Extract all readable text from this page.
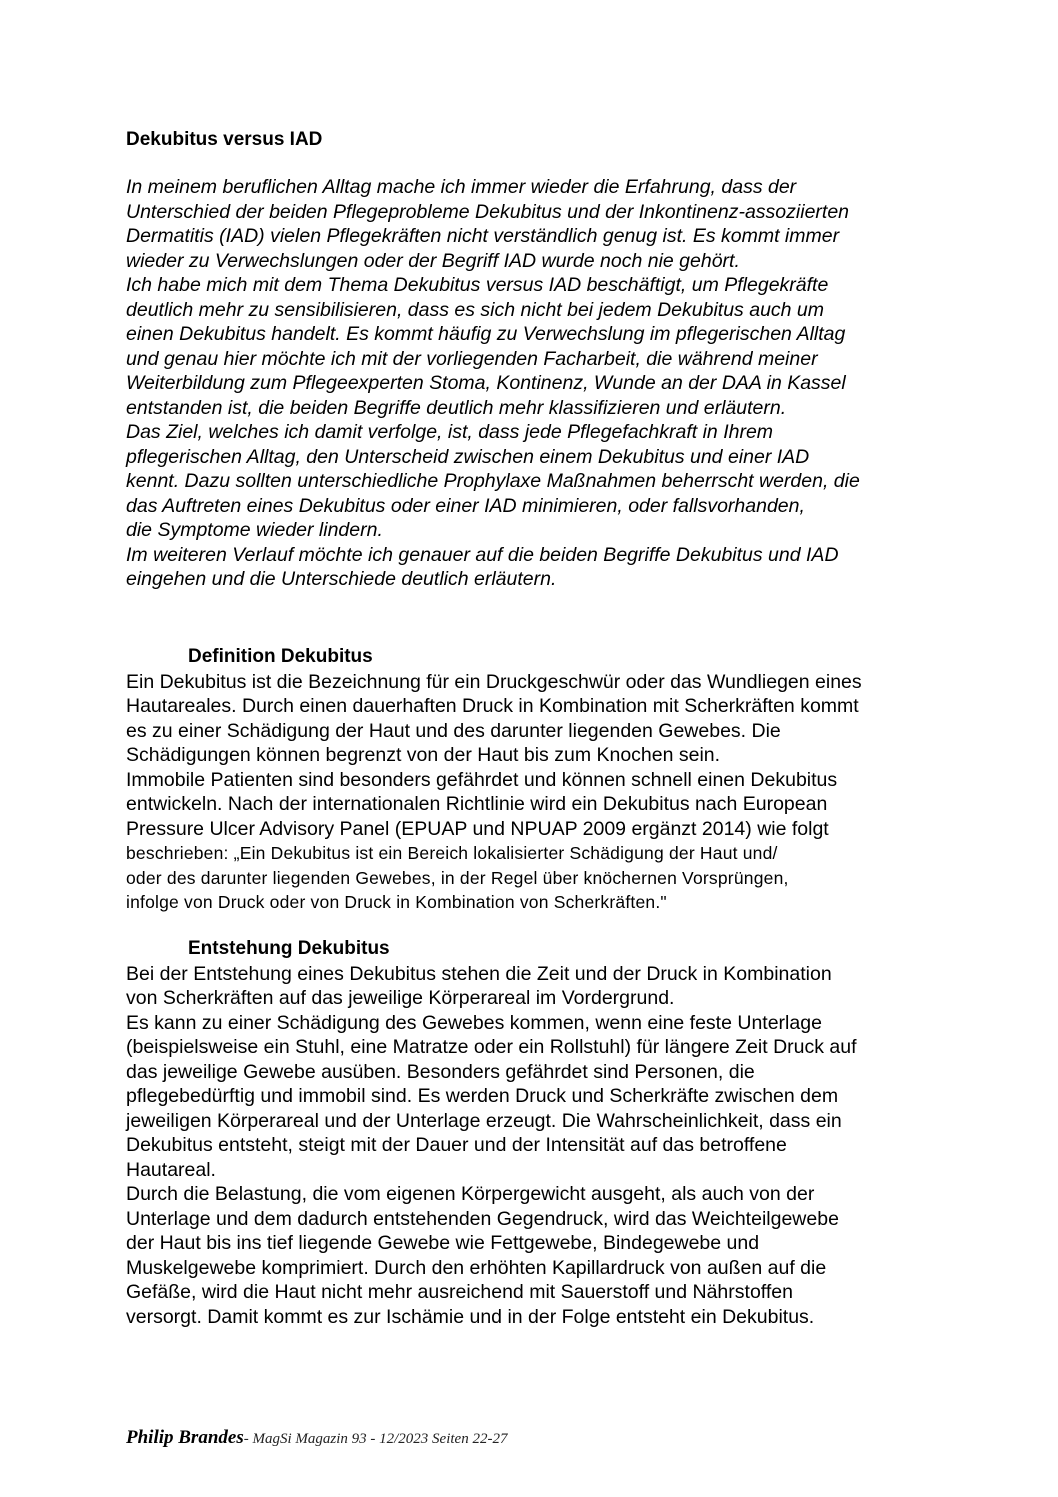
Dekubitus versus IAD
In meinem beruflichen Alltag mache ich immer wieder die Erfahrung, dass der
Unterschied der beiden Pflegeprobleme Dekubitus und der Inkontinenz-assoziierten
Dermatitis (IAD) vielen Pflegekräften nicht verständlich genug ist. Es kommt immer
wieder zu Verwechslungen oder der Begriff IAD wurde noch nie gehört.
Ich habe mich mit dem Thema Dekubitus versus IAD beschäftigt, um Pflegekräfte
deutlich mehr zu sensibilisieren, dass es sich nicht bei jedem Dekubitus auch um
einen Dekubitus handelt. Es kommt häufig zu Verwechslung im pflegerischen Alltag
und genau hier möchte ich mit der vorliegenden Facharbeit, die während meiner
Weiterbildung zum Pflegeexperten Stoma, Kontinenz, Wunde an der DAA in Kassel
entstanden ist, die beiden Begriffe deutlich mehr klassifizieren und erläutern.
Das Ziel, welches ich damit verfolge, ist, dass jede Pflegefachkraft in Ihrem
pflegerischen Alltag, den Unterscheid zwischen einem Dekubitus und einer IAD
kennt. Dazu sollten unterschiedliche Prophylaxe Maßnahmen beherrscht werden, die
das Auftreten eines Dekubitus oder einer IAD minimieren, oder fallsvorhanden,
die Symptome wieder lindern.
Im weiteren Verlauf möchte ich genauer auf die beiden Begriffe Dekubitus und IAD
eingehen und die Unterschiede deutlich erläutern.
Definition Dekubitus
Ein Dekubitus ist die Bezeichnung für ein Druckgeschwür oder das Wundliegen eines
Hautareales. Durch einen dauerhaften Druck in Kombination mit Scherkräften kommt
es zu einer Schädigung der Haut und des darunter liegenden Gewebes. Die
Schädigungen können begrenzt von der Haut bis zum Knochen sein.
Immobile Patienten sind besonders gefährdet und können schnell einen Dekubitus
entwickeln. Nach der internationalen Richtlinie wird ein Dekubitus nach European
Pressure Ulcer Advisory Panel (EPUAP und NPUAP 2009 ergänzt 2014) wie folgt
beschrieben: „Ein Dekubitus ist ein Bereich lokalisierter Schädigung der Haut und/
oder des darunter liegenden Gewebes, in der Regel über knöchernen Vorsprüngen,
infolge von Druck oder von Druck in Kombination von Scherkräften."
Entstehung Dekubitus
Bei der Entstehung eines Dekubitus stehen die Zeit und der Druck in Kombination
von Scherkräften auf das jeweilige Körperareal im Vordergrund.
Es kann zu einer Schädigung des Gewebes kommen, wenn eine feste Unterlage
(beispielsweise ein Stuhl, eine Matratze oder ein Rollstuhl) für längere Zeit Druck auf
das jeweilige Gewebe ausüben. Besonders gefährdet sind Personen, die
pflegebedürftig und immobil sind. Es werden Druck und Scherkräfte zwischen dem
jeweiligen Körperareal und der Unterlage erzeugt. Die Wahrscheinlichkeit, dass ein
Dekubitus entsteht, steigt mit der Dauer und der Intensität auf das betroffene
Hautareal.
Durch die Belastung, die vom eigenen Körpergewicht ausgeht, als auch von der
Unterlage und dem dadurch entstehenden Gegendruck, wird das Weichteilgewebe
der Haut bis ins tief liegende Gewebe wie Fettgewebe, Bindegewebe und
Muskelgewebe komprimiert. Durch den erhöhten Kapillardruck von außen auf die
Gefäße, wird die Haut nicht mehr ausreichend mit Sauerstoff und Nährstoffen
versorgt. Damit kommt es zur Ischämie und in der Folge entsteht ein Dekubitus.

Philip Brandes- MagSi Magazin 93 - 12/2023 Seiten 22-27
